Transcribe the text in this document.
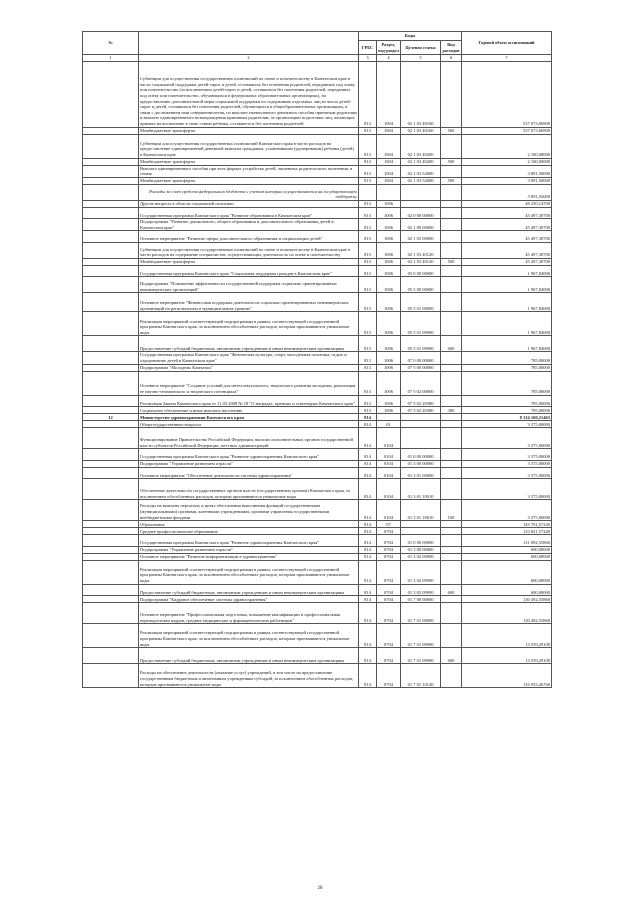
№		Коды				Годовой объем ассигнований
		ГРБС	Раздел, под-раздел	Целевая статья	Вид расходов	
1	2	3	4	5	6	7
	Субвенции для осуществления государственных полномочий по опеке и попечительству в Камчатском крае в части социальной поддержки детей-сирот и детей, оставшихся без попечения родителей, переданных под опеку или попечительство (за исключением детей-сирот и детей, оставшихся без попечения родителей, переданных под опеку или попечительство, обучающихся в федеральных образовательных организациях), на предоставление дополнительной меры социальной поддержки по содержанию отдельных лиц из числа детей-сирот и детей, оставшихся без попечения родителей, обучающихся в общеобразовательных организациях, в связи с достижением ими совершеннолетия, по выплате ежемесячного денежного пособия приемным родителям и выплате единовременного вознаграждения приемным родителям, за организацию подготовки лиц, желающих принять на воспитание в свою семью ребенка, оставшегося без попечения родителей	813	1004	02 1 03 40160		537 073,66900
	Межбюджетные трансферты	813	1004	02 1 03 40160	500	537 073,66900
	Субвенции для осуществления государственных полномочий Камчатского края в части расходов на предоставление единовременной денежной выплаты гражданам, усыновившим (удочерившим) ребенка (детей) в Камчатском крае	813	1004	02 1 03 40200		2 100,00000
	Межбюджетные трансферты	813	1004	02 1 03 40200	500	2 100,00000
	Выплата единовременного пособия при всех формах устройства детей, лишенных родительского попечения, в семью	813	1004	02 1 03 52600		3 891,50000
	Межбюджетные трансферты	813	1004	02 1 03 52600	500	3 891,50000
	Расходы за счет средств федерального бюджета с учетом которых осуществляются на государственную поддержку					3 891,50000
	Другие вопросы в области социальной политики	813	1006			48 250,14700
	Государственная программа Камчатского края "Развитие образования в Камчатском крае"	813	1006	02 0 00 00000		45 497,30700
	Подпрограмма "Развитие дошкольного, общего образования и дополнительного образования детей в Камчатском крае"	813	1006	02 1 00 00000		45 497,30700
	Основное мероприятие "Развитие сферы дополнительного образования и социализации детей"	813	1006	02 1 03 00000		45 497,30700
	Субвенции для осуществления государственных полномочий по опеке и попечительству в Камчатском крае в части расходов на содержание специалистов, осуществляющих деятельность по опеке и попечительству	813	1006	02 1 03 40120		45 497,30700
	Межбюджетные трансферты	813	1006	02 1 03 40120	500	45 497,30700
	Государственная программа Камчатского края "Социальная поддержка граждан в Камчатском крае"	813	1006	05 0 00 00000		1 967,84000
	Подпрограмма "Повышение эффективности государственной поддержки социально ориентированных некоммерческих организаций"	813	1006	05 5 00 00000		1 967,84000
	Основное мероприятие "Финансовая поддержка деятельности социально ориентированных некоммерческих организаций на региональном и муниципальном уровнях"	813	1006	05 5 01 00000		1 967,84000
	Реализация мероприятий соответствующей подпрограммы в рамках соответствующей государственной программы Камчатского края, за исключением обособленных расходов, которым присваиваются уникальные коды	813	1006	05 5 01 09990		1 967,84000
	Предоставление субсидий бюджетным, автономным учреждениям и иным некоммерческим организациям	813	1006	05 5 01 09990	600	1 967,84000
	Государственная программа Камчатского края "Физическая культура, спорт, молодежная политика, отдых и оздоровление детей в Камчатском крае"	813	1006	07 0 00 00000		785,00000
	Подпрограмма "Молодежь Камчатки"	813	1006	07 5 00 00000		785,00000
	Основное мероприятие "Создание условий для интеллектуального, творческого развития молодежи, реализация ее научно-технического и творческого потенциала"	813	1006	07 5 02 00000		785,00000
	Реализация Закона Камчатского края от 11.03.2008 № 18 "О наградах, премиях и стипендиях Камчатского края"	813	1006	07 5 02 20380		785,00000
	Социальное обеспечение и иные выплаты населению	813	1006	07 5 02 20380	300	785,00000
12	Министерство здравоохранения Камчатского края	814				8 124 160,21463
	Общегосударственные вопросы	814	01			3 375,00000
	Функционирование Правительства Российской Федерации, высших исполнительных органов государственной власти субъектов Российской Федерации, местных администраций	814	0104			3 375,00000
	Государственная программа Камчатского края "Развитие здравоохранения Камчатского края"	814	0104	01 0 00 00000		3 375,00000
	Подпрограмма "Управление развитием отрасли"	814	0104	01 3 00 00000		3 375,00000
	Основное мероприятие "Обеспечение деятельности системы здравоохранения"	814	0104	01 3 01 00000		3 375,00000
	Обеспечение деятельности государственных органов власти (государственных органов) Камчатского края, за исключением обособленных расходов, которым присваиваются уникальные коды	814	0104	01 3 01 10010		3 375,00000
	Расходы на выплаты персоналу в целях обеспечения выполнения функций государственными (муниципальными) органами, казенными учреждениями, органами управления государственными внебюджетными фондами	814	0104	01 3 01 10010	100	3 375,00000
	Образование	814	07			143 701,57240
	Среднее профессиональное образование	814	0704			133 821,57240
	Государственная программа Камчатского края "Развитие здравоохранения Камчатского края"	814	0704	01 0 00 00000		131 092,55860
	Подпрограмма "Управление развитием отрасли"	814	0704	01 3 00 00000		600,00000
	Основное мероприятие "Развитие информатизации в здравоохранении"	814	0704	01 3 02 00000		600,00000
	Реализация мероприятий соответствующей подпрограммы в рамках соответствующей государственной программы Камчатского края, за исключением обособленных расходов, которым присваиваются уникальные коды	814	0704	01 3 02 09990		600,00000
	Предоставление субсидий бюджетным, автономным учреждениям и иным некоммерческим организациям	814	0704	01 3 02 09990	600	600,00000
	Подпрограмма "Кадровое обеспечение системы здравоохранения"	814	0704	01 7 00 00000		130 492,55860
	Основное мероприятие "Профессиональная подготовка, повышение квалификации и профессиональная переподготовка кадров, средних медицинских и фармацевтических работников"	814	0704	01 7 01 00000		130 492,55860
	Реализация мероприятий соответствующей подпрограммы в рамках соответствующей государственной программы Камчатского края, за исключением обособленных расходов, которым присваиваются уникальные коды	814	0704	01 7 01 09990		13 559,29100
	Предоставление субсидий бюджетным, автономным учреждениям и иным некоммерческим организациям	814	0704	01 7 01 09990	600	13 559,29100
	Расходы на обеспечение деятельности (оказание услуг) учреждений, в том числе на предоставление государственным бюджетным и автономным учреждениям субсидий, за исключением обособленных расходов, которым присваиваются уникальные коды	814	0704	01 7 01 10140		116 933,26760
28
